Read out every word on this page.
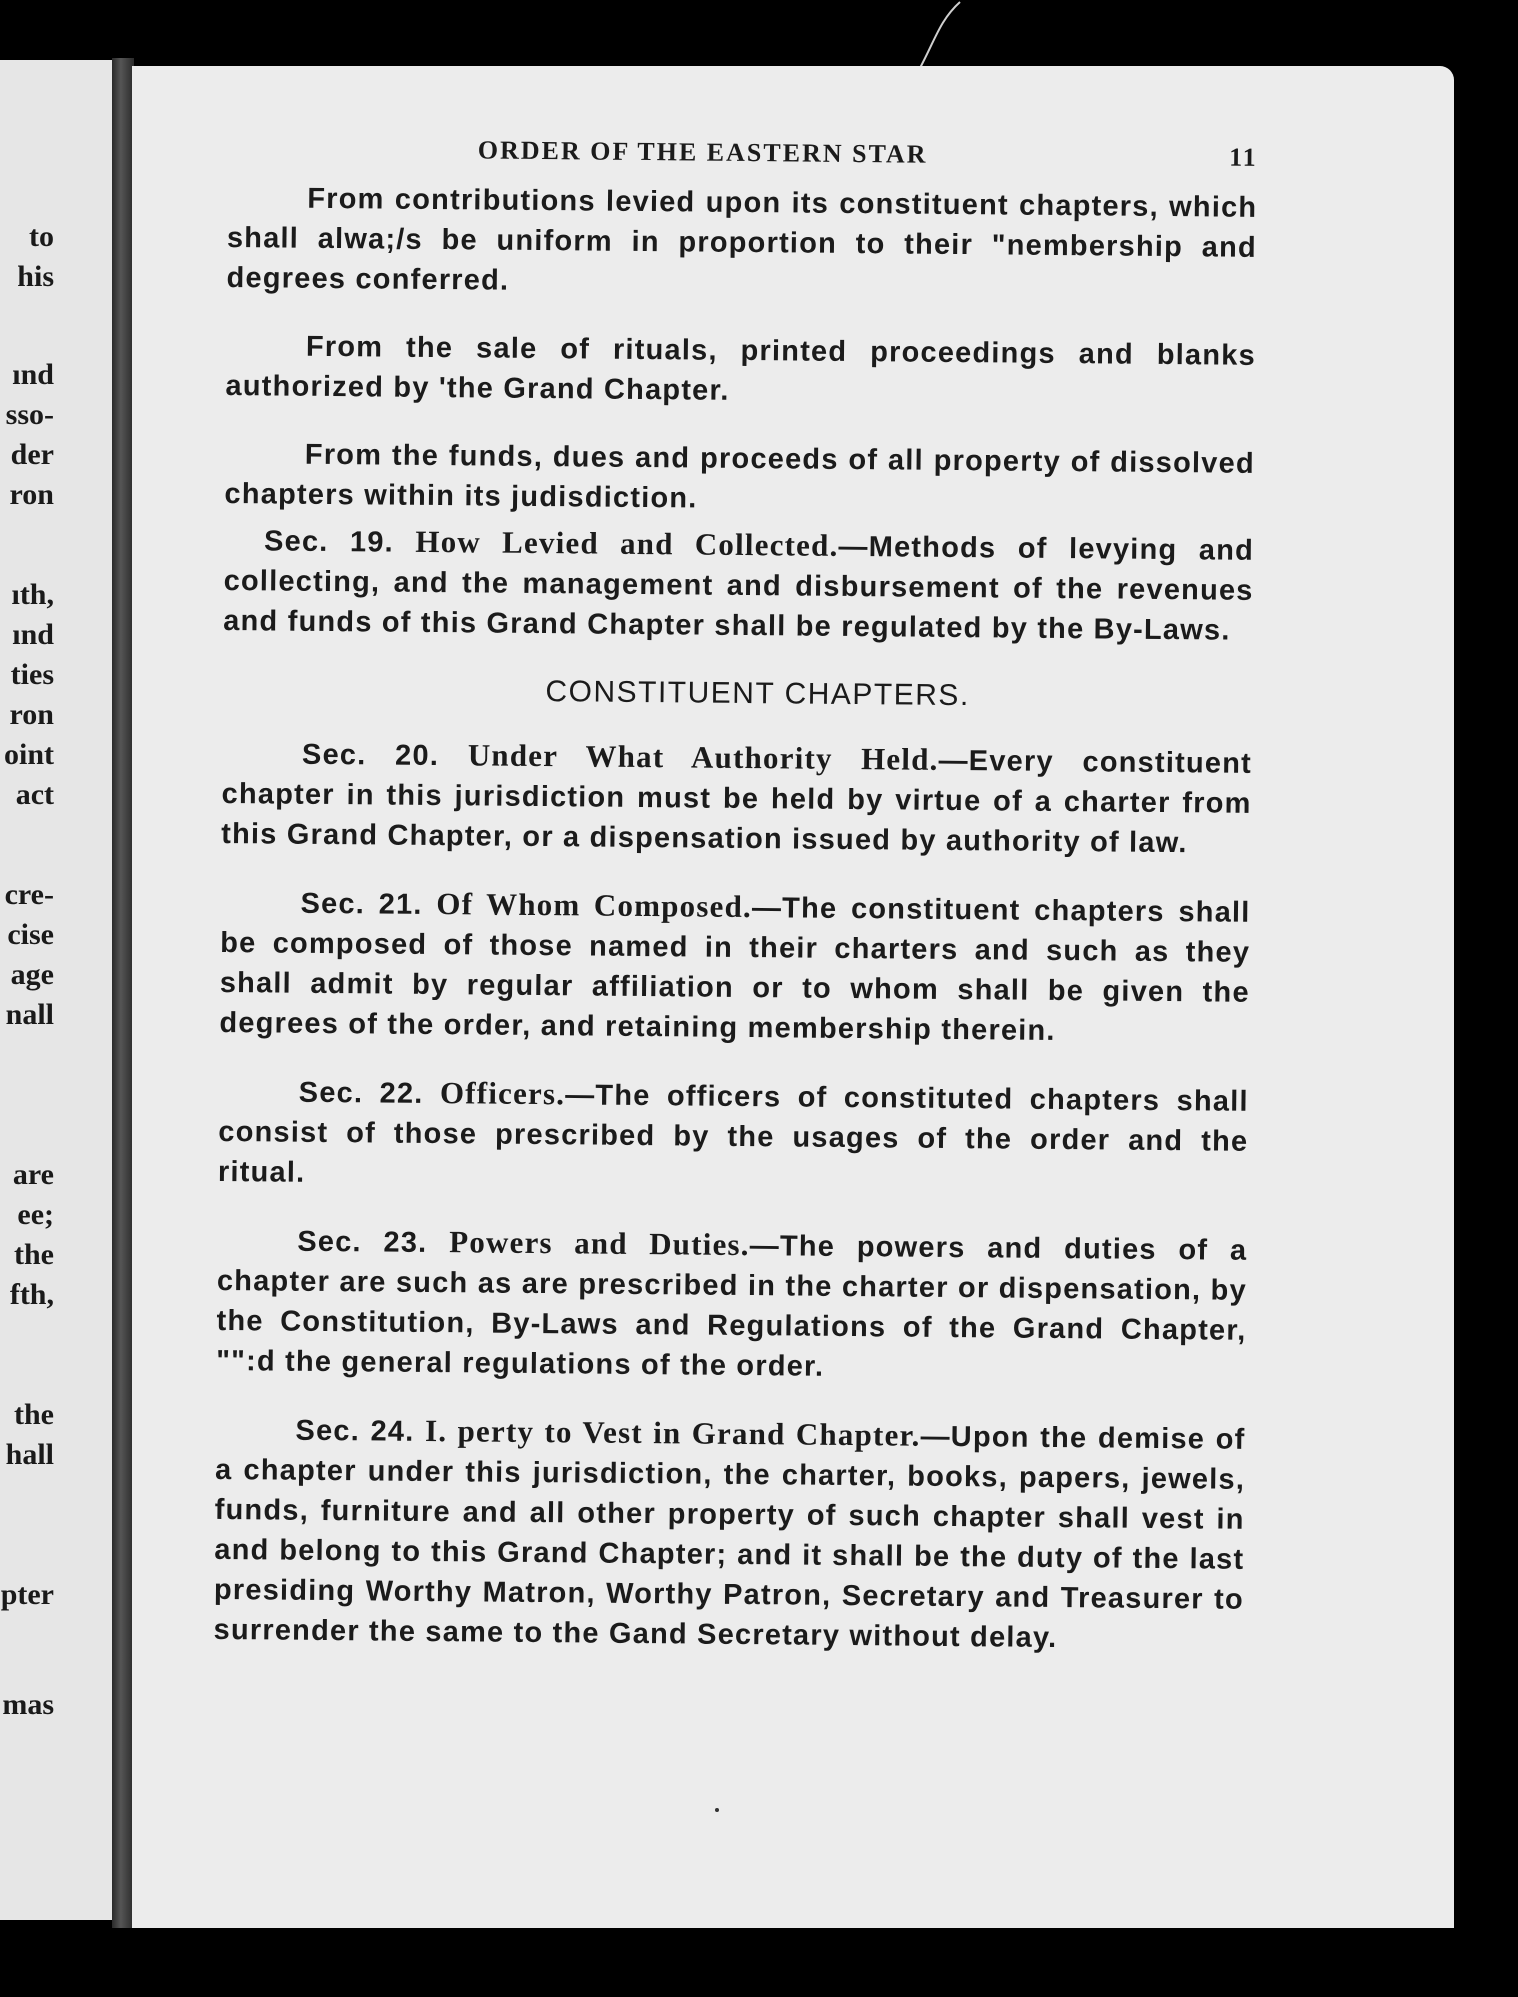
to
his
ınd
sso-
der
ron
ıth,
ınd
ties
ron
oint
act
cre-
cise
age
nall
are
ee;
the
fth,
the
hall
pter
mas
ORDER OF THE EASTERN STAR	11

From contributions levied upon its constituent chapters, which shall alwa;/s be uniform in proportion to their "nembership and degrees conferred.

From the sale of rituals, printed proceedings and blanks authorized by 'the Grand Chapter.

From the funds, dues and proceeds of all property of dissolved chapters within its judisdiction.

Sec. 19. How Levied and Collected.—Methods of levying and collecting, and the management and disbursement of the revenues and funds of this Grand Chapter shall be regulated by the By-Laws.

CONSTITUENT CHAPTERS.

Sec. 20. Under What Authority Held.—Every constituent chapter in this jurisdiction must be held by virtue of a charter from this Grand Chapter, or a dispensation issued by authority of law.

Sec. 21. Of Whom Composed.—The constituent chapters shall be composed of those named in their charters and such as they shall admit by regular affiliation or to whom shall be given the degrees of the order, and retaining membership therein.

Sec. 22. Officers.—The officers of constituted chapters shall consist of those prescribed by the usages of the order and the ritual.

Sec. 23. Powers and Duties.—The powers and duties of a chapter are such as are prescribed in the charter or dispensation, by the Constitution, By-Laws and Regulations of the Grand Chapter, "":d the general regulations of the order.

Sec. 24. I. perty to Vest in Grand Chapter.—Upon the demise of a chapter under this jurisdiction, the charter, books, papers, jewels, funds, furniture and all other property of such chapter shall vest in and belong to this Grand Chapter; and it shall be the duty of the last presiding Worthy Matron, Worthy Patron, Secretary and Treasurer to surrender the same to the Gand Secretary without delay.
